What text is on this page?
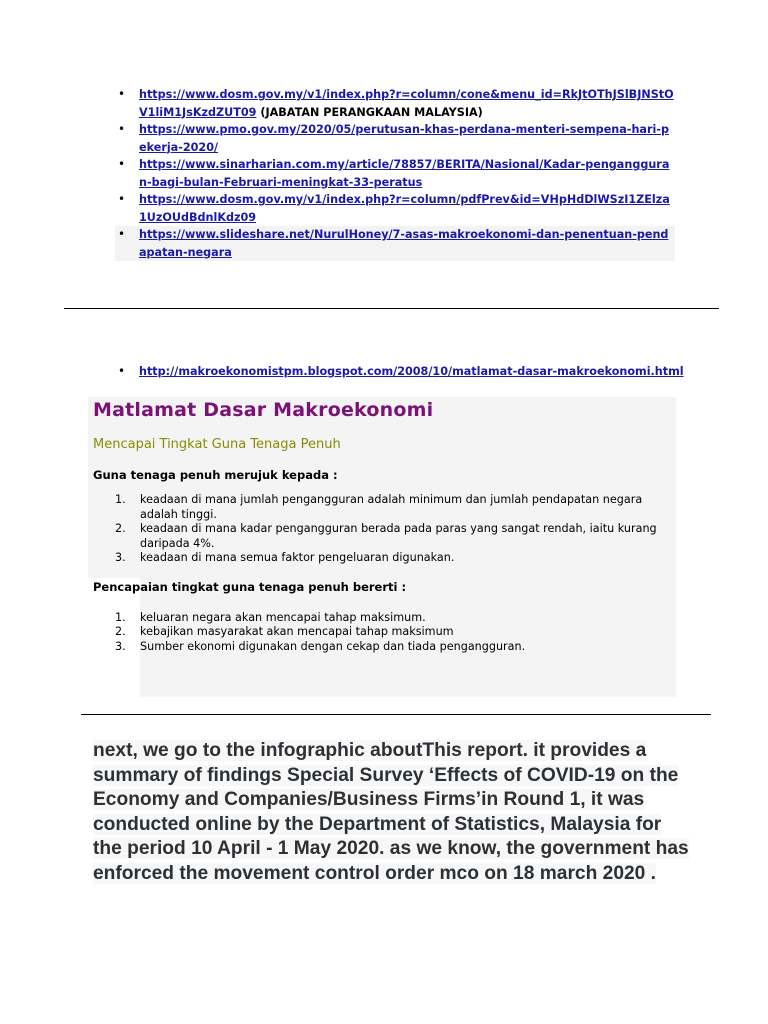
• https://www.dosm.gov.my/v1/index.php?r=column/cone&menu_id=RkJtOThJSlBJNStOV1liM1JsKzdZUT09 (JABATAN PERANGKAAN MALAYSIA)
• https://www.pmo.gov.my/2020/05/perutusan-khas-perdana-menteri-sempena-hari-pekerja-2020/
• https://www.sinarharian.com.my/article/78857/BERITA/Nasional/Kadar-pengangguran-bagi-bulan-Februari-meningkat-33-peratus
• https://www.dosm.gov.my/v1/index.php?r=column/pdfPrev&id=VHpHdDlWSzI1ZElza1UzOUdBdnlKdz09
• https://www.slideshare.net/NurulHoney/7-asas-makroekonomi-dan-penentuan-pendapatan-negara
• http://makroekonomistpm.blogspot.com/2008/10/matlamat-dasar-makroekonomi.html
Matlamat Dasar Makroekonomi
Mencapai Tingkat Guna Tenaga Penuh
Guna tenaga penuh merujuk kepada :
1. keadaan di mana jumlah pengangguran adalah minimum dan jumlah pendapatan negara adalah tinggi.
2. keadaan di mana kadar pengangguran berada pada paras yang sangat rendah, iaitu kurang daripada 4%.
3. keadaan di mana semua faktor pengeluaran digunakan.
Pencapaian tingkat guna tenaga penuh bererti :
1. keluaran negara akan mencapai tahap maksimum.
2. kebajikan masyarakat akan mencapai tahap maksimum
3. Sumber ekonomi digunakan dengan cekap dan tiada pengangguran.
next, we go to the infographic aboutThis report. it provides a summary of findings Special Survey ‘Effects of COVID-19 on the Economy and Companies/Business Firms’in Round 1, it was conducted online by the Department of Statistics, Malaysia for the period 10 April - 1 May 2020. as we know, the government has enforced the movement control order mco on 18 march 2020 .
